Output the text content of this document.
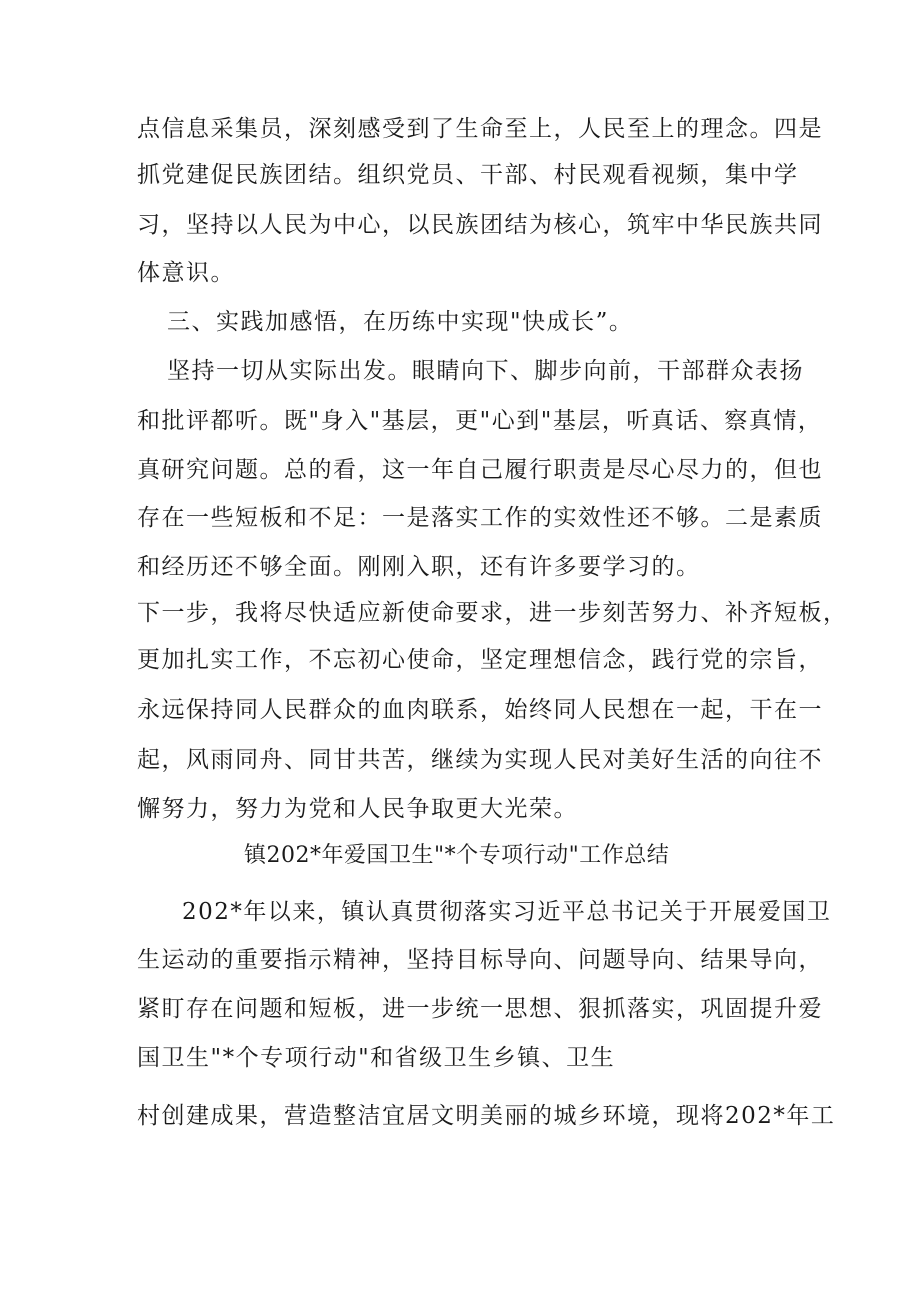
点信息采集员，深刻感受到了生命至上，人民至上的理念。四是
抓党建促民族团结。组织党员、干部、村民观看视频，集中学
习，坚持以人民为中心，以民族团结为核心，筑牢中华民族共同
体意识。
三、实践加感悟，在历练中实现"快成长”。
坚持一切从实际出发。眼睛向下、脚步向前，干部群众表扬
和批评都听。既"身入"基层，更"心到"基层，听真话、察真情，
真研究问题。总的看，这一年自己履行职责是尽心尽力的，但也
存在一些短板和不足：一是落实工作的实效性还不够。二是素质
和经历还不够全面。刚刚入职，还有许多要学习的。
下一步，我将尽快适应新使命要求，进一步刻苦努力、补齐短板，
更加扎实工作，不忘初心使命，坚定理想信念，践行党的宗旨，
永远保持同人民群众的血肉联系，始终同人民想在一起，干在一
起，风雨同舟、同甘共苦，继续为实现人民对美好生活的向往不
懈努力，努力为党和人民争取更大光荣。
镇202*年爱国卫生"*个专项行动"工作总结
202*年以来，镇认真贯彻落实习近平总书记关于开展爱国卫
生运动的重要指示精神，坚持目标导向、问题导向、结果导向，
紧盯存在问题和短板，进一步统一思想、狠抓落实，巩固提升爱
国卫生"*个专项行动"和省级卫生乡镇、卫生
村创建成果，营造整洁宜居文明美丽的城乡环境，现将202*年工
